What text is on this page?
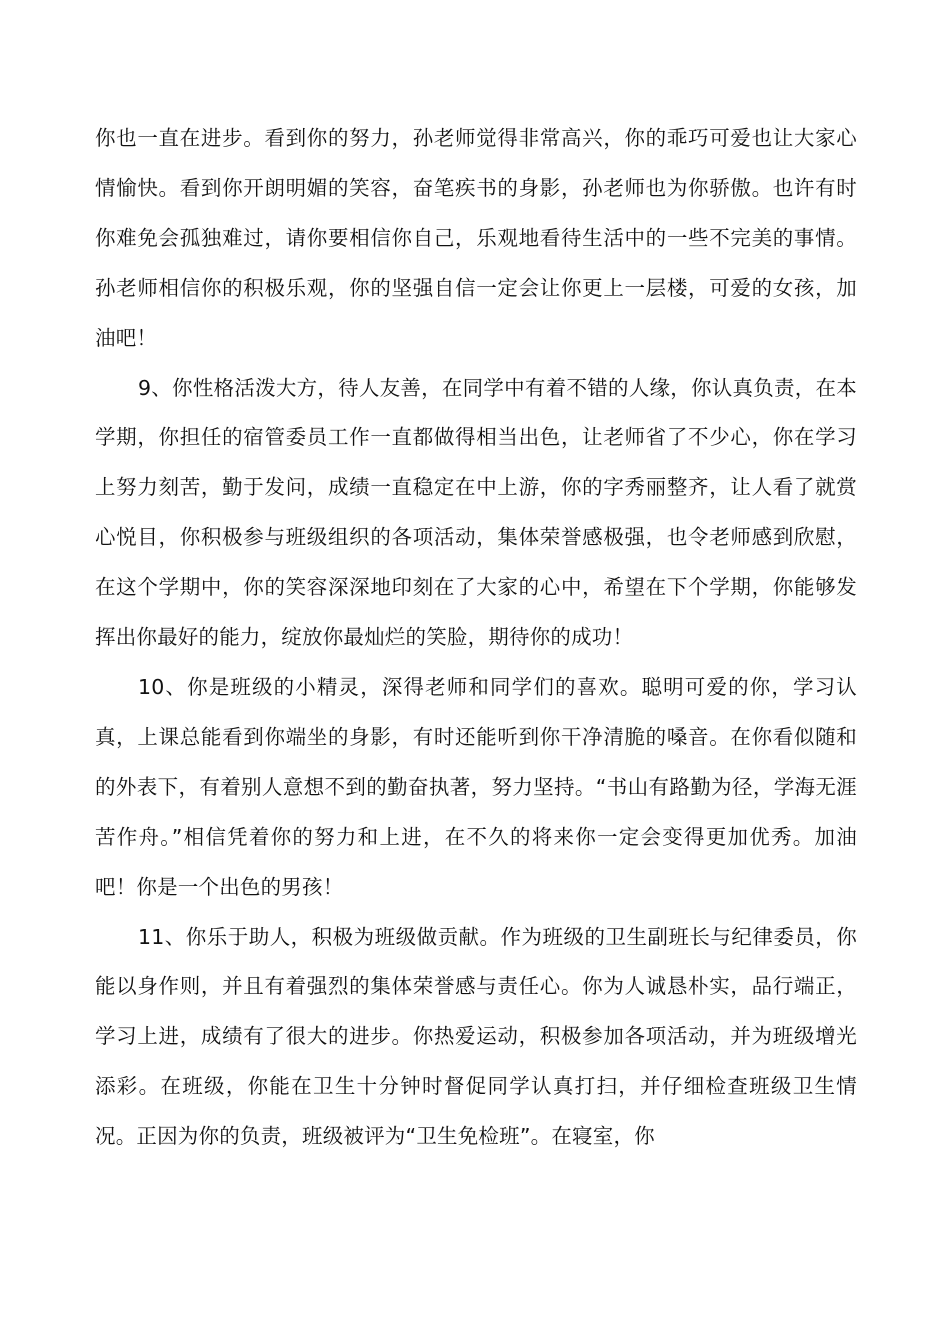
你也一直在进步。看到你的努力，孙老师觉得非常高兴，你的乖巧可爱也让大家心情愉快。看到你开朗明媚的笑容，奋笔疾书的身影，孙老师也为你骄傲。也许有时你难免会孤独难过，请你要相信你自己，乐观地看待生活中的一些不完美的事情。孙老师相信你的积极乐观，你的坚强自信一定会让你更上一层楼，可爱的女孩，加油吧！

9、你性格活泼大方，待人友善，在同学中有着不错的人缘，你认真负责，在本学期，你担任的宿管委员工作一直都做得相当出色，让老师省了不少心，你在学习上努力刻苦，勤于发问，成绩一直稳定在中上游，你的字秀丽整齐，让人看了就赏心悦目，你积极参与班级组织的各项活动，集体荣誉感极强，也令老师感到欣慰，在这个学期中，你的笑容深深地印刻在了大家的心中，希望在下个学期，你能够发挥出你最好的能力，绽放你最灿烂的笑脸，期待你的成功！

10、你是班级的小精灵，深得老师和同学们的喜欢。聪明可爱的你，学习认真，上课总能看到你端坐的身影，有时还能听到你干净清脆的嗓音。在你看似随和的外表下，有着别人意想不到的勤奋执著，努力坚持。“书山有路勤为径，学海无涯苦作舟。”相信凭着你的努力和上进，在不久的将来你一定会变得更加优秀。加油吧！你是一个出色的男孩！

11、你乐于助人，积极为班级做贡献。作为班级的卫生副班长与纪律委员，你能以身作则，并且有着强烈的集体荣誉感与责任心。你为人诚恳朴实，品行端正，学习上进，成绩有了很大的进步。你热爱运动，积极参加各项活动，并为班级增光添彩。在班级，你能在卫生十分钟时督促同学认真打扫，并仔细检查班级卫生情况。正因为你的负责，班级被评为“卫生免检班”。在寝室，你
